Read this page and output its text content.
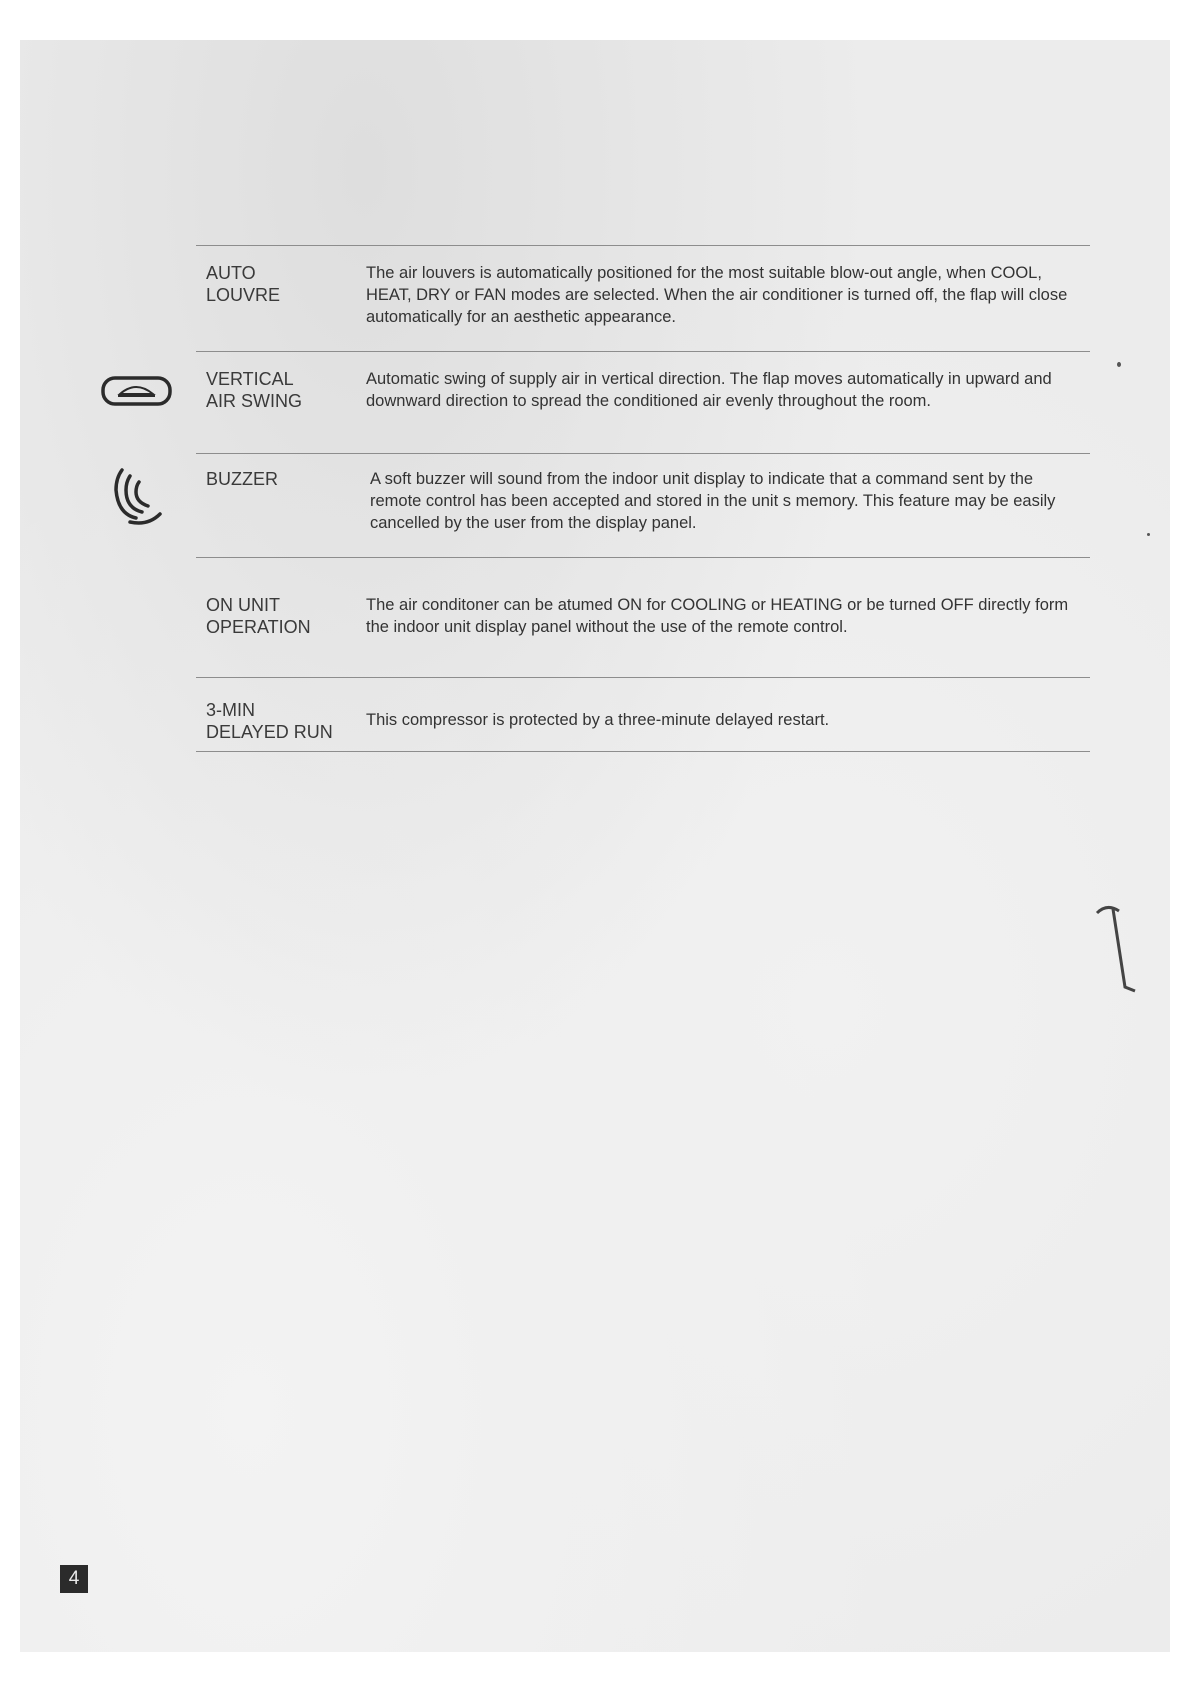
AUTO
LOUVRE
The air louvers is automatically positioned for the most suitable blow-out angle, when COOL, HEAT, DRY or FAN modes are selected. When the air conditioner is turned off, the flap will close automatically for an aesthetic appearance.
VERTICAL
AIR SWING
Automatic swing of supply air in vertical direction. The flap moves automatically in upward and downward direction to spread the conditioned air evenly throughout the room.
BUZZER	A soft buzzer will sound from the indoor unit display to indicate that a command sent by the remote control has been accepted and stored in the unit s memory. This feature may be easily cancelled by the user from the display panel.
ON UNIT
OPERATION
The air conditoner can be atumed ON for COOLING or HEATING or be turned OFF directly form the indoor unit display panel without the use of the remote control.
3-MIN
DELAYED RUN
This compressor is protected by a three-minute delayed restart.
4
